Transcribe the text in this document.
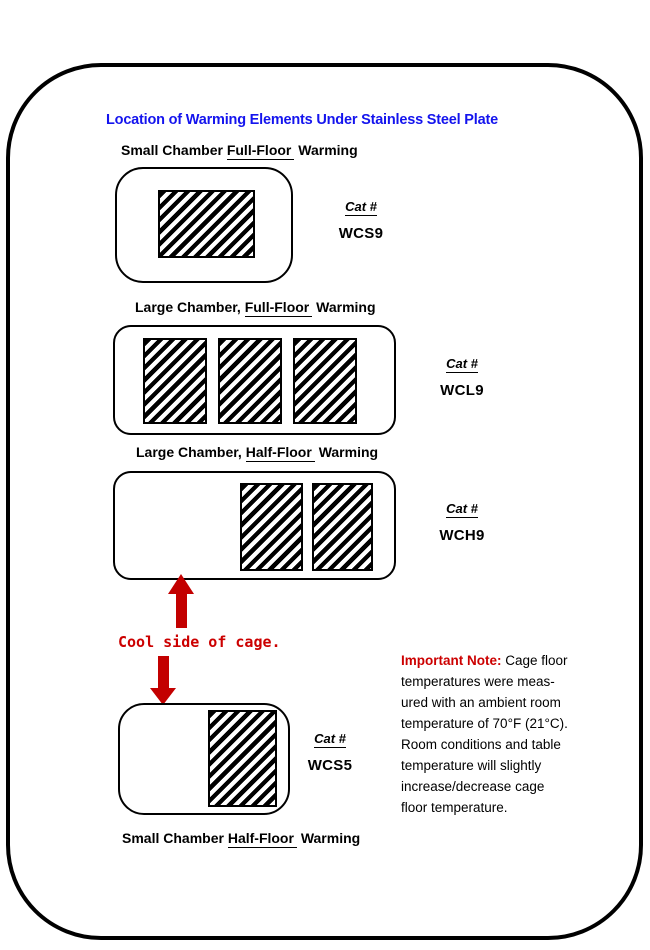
Location of Warming Elements Under Stainless Steel Plate
Small Chamber Full-Floor Warming
Cat #
WCS9
Large Chamber, Full-Floor Warming
Cat #
WCL9
Large Chamber, Half-Floor Warming
Cat #
WCH9
Cool side of cage.
Cat #
WCS5
Small Chamber Half-Floor Warming
Important Note: Cage floor
temperatures were meas-
ured with an ambient room
temperature of 70°F (21°C).
Room conditions and table
temperature will slightly
increase/decrease cage
floor temperature.
